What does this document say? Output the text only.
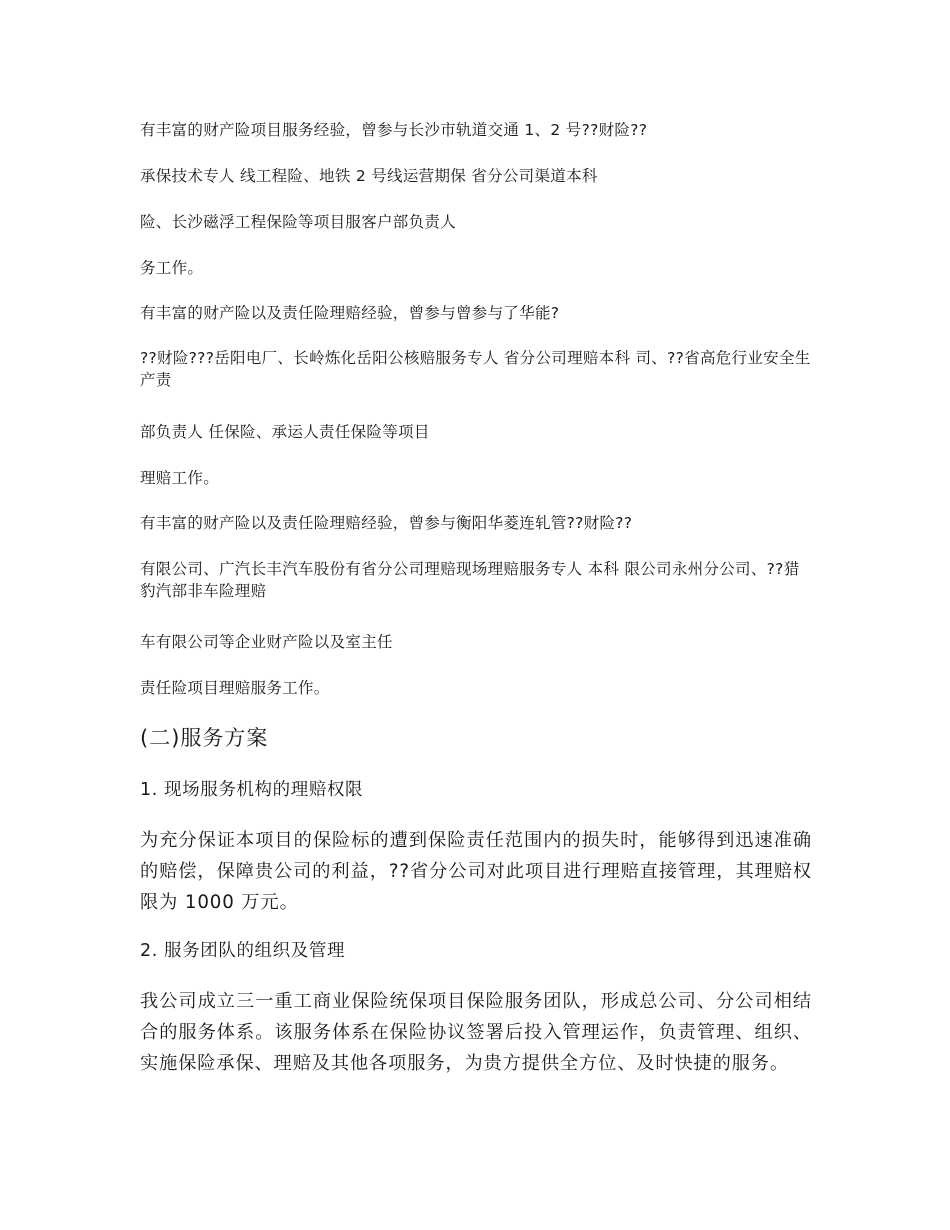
有丰富的财产险项目服务经验，曾参与长沙市轨道交通 1、2 号??财险??

承保技术专人 线工程险、地铁 2 号线运营期保 省分公司渠道本科

险、长沙磁浮工程保险等项目服客户部负责人

务工作。

有丰富的财产险以及责任险理赔经验，曾参与曾参与了华能?

??财险???岳阳电厂、长岭炼化岳阳公核赔服务专人 省分公司理赔本科 司、??省高危行业安全生产责

部负责人 任保险、承运人责任保险等项目

理赔工作。

有丰富的财产险以及责任险理赔经验，曾参与衡阳华菱连轧管??财险??

有限公司、广汽长丰汽车股份有省分公司理赔现场理赔服务专人 本科 限公司永州分公司、??猎豹汽部非车险理赔

车有限公司等企业财产险以及室主任

责任险项目理赔服务工作。

(二)服务方案
1. 现场服务机构的理赔权限

为充分保证本项目的保险标的遭到保险责任范围内的损失时，能够得到迅速准确的赔偿，保障贵公司的利益，??省分公司对此项目进行理赔直接管理，其理赔权限为 1000 万元。

2. 服务团队的组织及管理

我公司成立三一重工商业保险统保项目保险服务团队，形成总公司、分公司相结合的服务体系。该服务体系在保险协议签署后投入管理运作，负责管理、组织、实施保险承保、理赔及其他各项服务，为贵方提供全方位、及时快捷的服务。
